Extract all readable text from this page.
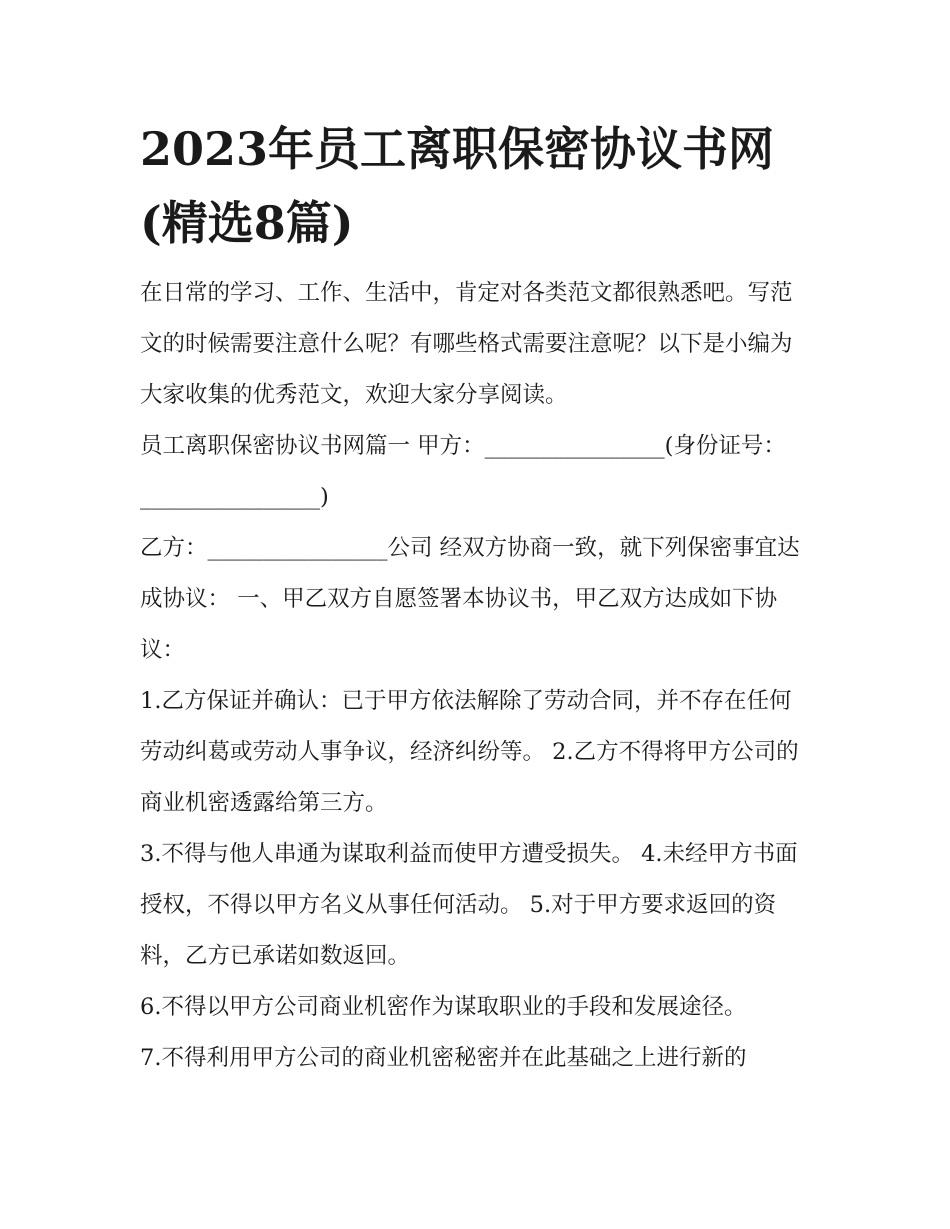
2023年员工离职保密协议书网(精选8篇)

在日常的学习、工作、生活中，肯定对各类范文都很熟悉吧。写范文的时候需要注意什么呢？有哪些格式需要注意呢？以下是小编为大家收集的优秀范文，欢迎大家分享阅读。

员工离职保密协议书网篇一 甲方：________________(身份证号：________________)

乙方：________________公司 经双方协商一致，就下列保密事宜达成协议： 一、甲乙双方自愿签署本协议书，甲乙双方达成如下协议：

1.乙方保证并确认：已于甲方依法解除了劳动合同，并不存在任何劳动纠葛或劳动人事争议，经济纠纷等。 2.乙方不得将甲方公司的商业机密透露给第三方。

3.不得与他人串通为谋取利益而使甲方遭受损失。 4.未经甲方书面授权，不得以甲方名义从事任何活动。 5.对于甲方要求返回的资料，乙方已承诺如数返回。

6.不得以甲方公司商业机密作为谋取职业的手段和发展途径。

7.不得利用甲方公司的商业机密秘密并在此基础之上进行新的
